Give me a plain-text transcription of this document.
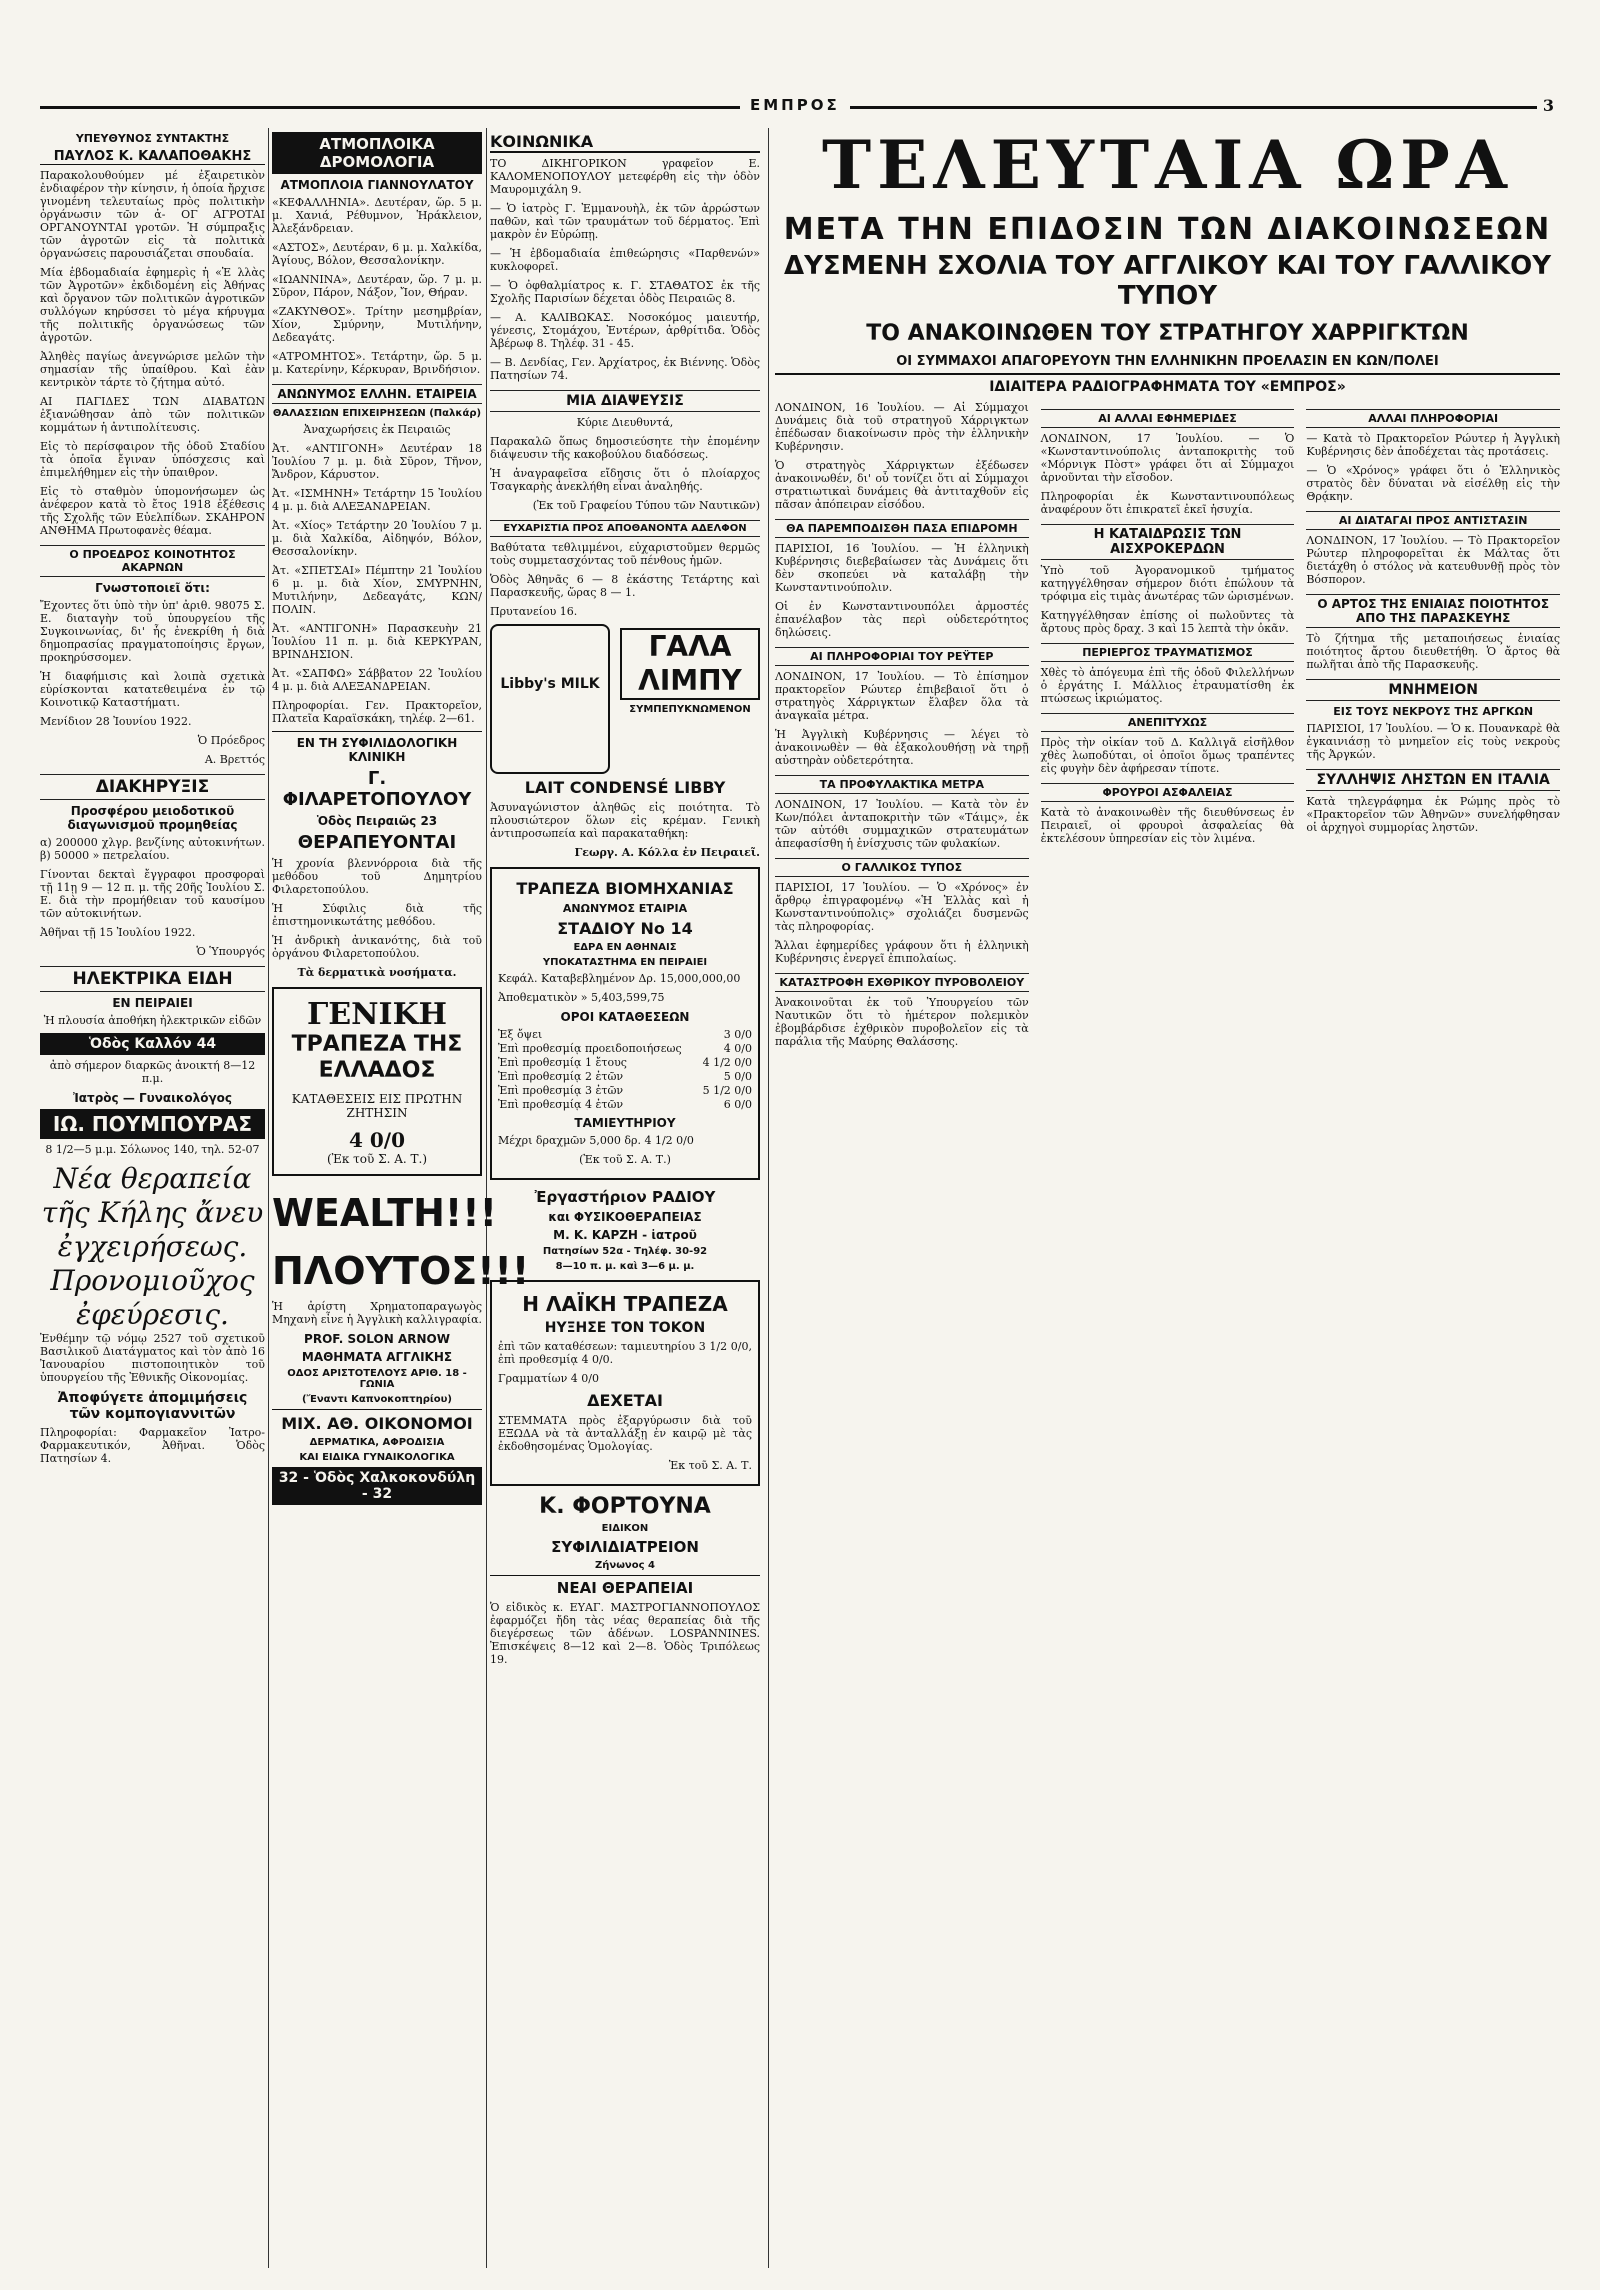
ΕΜΠΡΟΣ	3
ΥΠΕΥΘΥΝΟΣ ΣΥΝΤΑΚΤΗΣ
ΠΑΥΛΟΣ Κ. ΚΑΛΑΠΟΘΑΚΗΣ

Παρακολουθούμεν μέ ἐξαιρετικὸν ἐνδιαφέρον τὴν κίνησιν, ἡ ὁποία ἤρχισε γινομένη τελευταίως πρὸς πολιτικὴν ὀργάνωσιν τῶν ἀ- ΟΓ ΑΓΡΟΤΑΙ ΟΡΓΑΝΟΥΝΤΑΙ γροτῶν. Ἡ σύμπραξις τῶν ἀγροτῶν εἰς τὰ πολιτικὰ ὀργανώσεις παρουσιάζεται σπουδαία.

Μία ἑβδομαδιαία ἐφημερὶς ἡ «Ἑ λλὰς τῶν Ἀγροτῶν» ἐκδιδομένη εἰς Ἀθήνας καὶ ὄργανον τῶν πολιτικῶν ἀγροτικῶν συλλόγων κηρύσσει τὸ μέγα κήρυγμα τῆς πολιτικῆς ὀργανώσεως τῶν ἀγροτῶν.

Ἀληθὲς παγίως ἀνεγνώρισε μελῶν τὴν σημασίαν τῆς ὑπαίθρου. Καὶ ἐὰν κεντρικὸν τάρτε τὸ ζήτημα αὐτό.

ΑΙ ΠΑΓΙΔΕΣ ΤΩΝ ΔΙΑΒΑΤΩΝ ἐξιανώθησαν ἀπὸ τῶν πολιτικῶν κομμάτων ἡ ἀντιπολίτευσις.

Εἰς τὸ περίσφαιρον τῆς ὁδοῦ Σταδίου τὰ ὁποῖα ἔγιναν ὑπόσχεσις καὶ ἐπιμελήθημεν εἰς τὴν ὑπαιθρον.

Εἰς τὸ σταθμὸν ὑπομονήσωμεν ὡς ἀνέφερον κατὰ τὸ ἔτος 1918 ἐξέθεσις τῆς Σχολῆς τῶν Εὐελπίδων. ΣΚΑΗΡΟΝ ΑΝΘΗΜΑ Πρωτοφανὲς θέαμα.

Ο ΠΡΟΕΔΡΟΣ ΚΟΙΝΟΤΗΤΟΣ ΑΚΑΡΝΩΝ
Γνωστοποιεῖ ὅτι:

Ἔχοντες ὅτι ὑπὸ τὴν ὑπ' ἀριθ. 98075 Σ. Ε. διαταγὴν τοῦ ὑπουργείου τῆς Συγκοινωνίας, δι' ἧς ἐνεκρίθη ἡ διὰ δημοπρασίας πραγματοποίησις ἔργων, προκηρύσσομεν.

Ἡ διαφήμισις καὶ λοιπὰ σχετικὰ εὑρίσκονται κατατεθειμένα ἐν τῷ Κοινοτικῷ Καταστήματι.

Μενίδιον 28 Ἰουνίου 1922.

Ὁ Πρόεδρος

Α. Βρεττός

ΔΙΑΚΗΡΥΞΙΣ
Προσφέρου μειοδοτικοῦ διαγωνισμοῦ προμηθείας

α) 200000 χλγρ. βενζίνης αὐτοκινήτων. β) 50000 » πετρελαίου.

Γίνονται δεκταὶ ἔγγραφοι προσφοραὶ τῇ 11ῃ 9 — 12 π. μ. τῆς 20ῆς Ἰουλίου Σ. Ε. διὰ τὴν προμήθειαν τοῦ καυσίμου τῶν αὐτοκινήτων.

Ἀθῆναι τῇ 15 Ἰουλίου 1922.

Ὁ Ὑπουργός

ΗΛΕΚΤΡΙΚΑ ΕΙΔΗ
ΕΝ ΠΕΙΡΑΙΕΙ

Ἡ πλουσία ἀποθήκη ἠλεκτρικῶν εἰδῶν

Ὁδὸς Καλλόν 44

ἀπὸ σήμερον διαρκῶς ἀνοικτή 8—12 π.μ.

Ἰατρὸς — Γυναικολόγος
ΙΩ. ΠΟΥΜΠΟΥΡΑΣ

8 1/2—5 μ.μ. Σόλωνος 140, τηλ. 52-07

Νέα θεραπεία τῆς Κήλης ἄνευ ἐγχειρήσεως. Προνομιοῦχος ἐφεύρεσις.

Ἐνθέμην τῷ νόμῳ 2527 τοῦ σχετικοῦ Βασιλικοῦ Διατάγματος καὶ τὸν ἀπὸ 16 Ἰανουαρίου πιστοποιητικὸν τοῦ ὑπουργείου τῆς Ἐθνικῆς Οἰκονομίας.

Ἀποφύγετε ἀπομιμήσεις τῶν κομπογιαννιτῶν

Πληροφορίαι: Φαρμακεῖον Ἰατρο-Φαρμακευτικόν, Ἀθῆναι. Ὁδὸς Πατησίων 4.

ΑΤΜΟΠΛΟΙΚΑ ΔΡΟΜΟΛΟΓΙΑ
ΑΤΜΟΠΛΟΙΑ ΓΙΑΝΝΟΥΛΑΤΟΥ

«ΚΕΦΑΛΛΗΝΙΑ». Δευτέραν, ὥρ. 5 μ. μ. Χανιά, Ρέθυμνον, Ἡράκλειον, Ἀλεξάνδρειαν.

«ΑΣΤΟΣ», Δευτέραν, 6 μ. μ. Χαλκίδα, Ἁγίους, Βόλον, Θεσσαλονίκην.

«ΙΩΑΝΝΙΝΑ», Δευτέραν, ὥρ. 7 μ. μ. Σῦρον, Πάρον, Νάξον, Ἴον, Θήραν.

«ΖΑΚΥΝΘΟΣ». Τρίτην μεσημβρίαν, Χίον, Σμύρνην, Μυτιλήνην, Δεδεαγάτς.

«ΑΤΡΟΜΗΤΟΣ». Τετάρτην, ὥρ. 5 μ. μ. Κατερίνην, Κέρκυραν, Βρινδήσιον.

ΑΝΩΝΥΜΟΣ ΕΛΛΗΝ. ΕΤΑΙΡΕΙΑ
ΘΑΛΑΣΣΙΩΝ ΕΠΙΧΕΙΡΗΣΕΩΝ (Παλκάρ)

Ἀναχωρήσεις ἐκ Πειραιῶς

Ἀτ. «ΑΝΤΙΓΟΝΗ» Δευτέραν 18 Ἰουλίου 7 μ. μ. διὰ Σῦρον, Τῆνον, Ἄνδρον, Κάρυστον.

Ἀτ. «ΙΣΜΗΝΗ» Τετάρτην 15 Ἰουλίου 4 μ. μ. διὰ ΑΛΕΞΑΝΔΡΕΙΑΝ.

Ἀτ. «Χίος» Τετάρτην 20 Ἰουλίου 7 μ. μ. διὰ Χαλκίδα, Αἰδηψόν, Βόλον, Θεσσαλονίκην.

Ἀτ. «ΣΠΕΤΣΑΙ» Πέμπτην 21 Ἰουλίου 6 μ. μ. διὰ Χίον, ΣΜΥΡΝΗΝ, Μυτιλήνην, Δεδεαγάτς, ΚΩΝ/ΠΟΛΙΝ.

Ἀτ. «ΑΝΤΙΓΟΝΗ» Παρασκευὴν 21 Ἰουλίου 11 π. μ. διὰ ΚΕΡΚΥΡΑΝ, ΒΡΙΝΔΗΣΙΟΝ.

Ἀτ. «ΣΑΠΦΩ» Σάββατον 22 Ἰουλίου 4 μ. μ. διὰ ΑΛΕΞΑΝΔΡΕΙΑΝ.

Πληροφορίαι. Γεν. Πρακτορεῖον, Πλατεῖα Καραϊσκάκη, τηλέφ. 2—61.

ΕΝ ΤΗ ΣΥΦΙΛΙΔΟΛΟΓΙΚΗ ΚΛΙΝΙΚΗ
Γ. ΦΙΛΑΡΕΤΟΠΟΥΛΟΥ
Ὁδὸς Πειραιῶς 23
ΘΕΡΑΠΕΥΟΝΤΑΙ

Ἡ χρονία βλεννόρροια διὰ τῆς μεθόδου τοῦ Δημητρίου Φιλαρετοπούλου.

Ἡ Σύφιλις διὰ τῆς ἐπιστημονικωτάτης μεθόδου.

Ἡ ἀνδρικὴ ἀνικανότης, διὰ τοῦ ὀργάνου Φιλαρετοπούλου.

Τὰ δερματικὰ νοσήματα.

ΓΕΝΙΚΗ
ΤΡΑΠΕΖΑ ΤΗΣ ΕΛΛΑΔΟΣ
ΚΑΤΑΘΕΣΕΙΣ ΕΙΣ ΠΡΩΤΗΝ ΖΗΤΗΣΙΝ
4 0/0
(Ἐκ τοῦ Σ. Α. Τ.)
WEALTH!!!
ΠΛΟΥΤΟΣ!!!

Ἡ ἀρίστη Χρηματοπαραγωγὸς Μηχανὴ εἶνε ἡ Ἀγγλικὴ καλλιγραφία.

PROF. SOLON ARNOW
ΜΑΘΗΜΑΤΑ ΑΓΓΛΙΚΗΣ
ΟΔΟΣ ΑΡΙΣΤΟΤΕΛΟΥΣ ΑΡΙΘ. 18 - ΓΩΝΙΑ
(Ἔναντι Καπνοκοπτηρίου)
ΜΙΧ. ΑΘ. ΟΙΚΟΝΟΜΟΙ
ΔΕΡΜΑΤΙΚΑ, ΑΦΡΟΔΙΣΙΑ
ΚΑΙ ΕΙΔΙΚΑ ΓΥΝΑΙΚΟΛΟΓΙΚΑ
32 - Ὁδὸς Χαλκοκονδύλη - 32
ΚΟΙΝΩΝΙΚΑ

ΤΟ ΔΙΚΗΓΟΡΙΚΟΝ γραφεῖον Ε. ΚΑΛΟΜΕΝΟΠΟΥΛΟΥ μετεφέρθη εἰς τὴν ὁδὸν Μαυρομιχάλη 9.

— Ὁ ἰατρὸς Γ. Ἐμμανουὴλ, ἐκ τῶν ἀρρώστων παθῶν, καὶ τῶν τραυμάτων τοῦ δέρματος. Ἐπὶ μακρὸν ἐν Εὐρώπῃ.

— Ἡ ἐβδομαδιαία ἐπιθεώρησις «Παρθενών» κυκλοφορεῖ.

— Ὁ ὀφθαλμίατρος κ. Γ. ΣΤΑΘΑΤΟΣ ἐκ τῆς Σχολῆς Παρισίων δέχεται ὁδὸς Πειραιῶς 8.

— Α. ΚΑΛΙΒΩΚΑΣ. Νοσοκόμος μαιευτήρ, γένεσις, Στομάχου, Ἐντέρων, ἀρθρίτιδα. Ὁδὸς Ἀβέρωφ 8. Τηλέφ. 31 - 45.

— Β. Δενδίας, Γεν. Ἀρχίατρος, ἐκ Βιέννης. Ὁδὸς Πατησίων 74.

ΜΙΑ ΔΙΑΨΕΥΣΙΣ

Κύριε Διευθυντά,

Παρακαλῶ ὅπως δημοσιεύσητε τὴν ἑπομένην διάψευσιν τῆς κακοβούλου διαδόσεως.

Ἡ ἀναγραφεῖσα εἴδησις ὅτι ὁ πλοίαρχος Τσαγκαρὴς ἀνεκλήθη εἶναι ἀναληθής.

(Ἐκ τοῦ Γραφείου Τύπου τῶν Ναυτικῶν)

ΕΥΧΑΡΙΣΤΙΑ ΠΡΟΣ ΑΠΟΘΑΝΟΝΤΑ ΑΔΕΛΦΟΝ

Βαθύτατα τεθλιμμένοι, εὐχαριστοῦμεν θερμῶς τοὺς συμμετασχόντας τοῦ πένθους ἡμῶν.

Ὁδὸς Ἀθηνᾶς 6 — 8 ἐκάστης Τετάρτης καὶ Παρασκευῆς, ὥρας 8 — 1.

Πρυτανείου 16.

Libby's MILK
ΓΑΛΑ ΛΙΜΠΥ
ΣΥΜΠΕΠΥΚΝΩΜΕΝΟΝ
LAIT CONDENSÉ LIBBY

Ἀσυναγώνιστον ἀληθῶς εἰς ποιότητα. Τὸ πλουσιώτερον ὅλων εἰς κρέμαν. Γενικὴ ἀντιπροσωπεία καὶ παρακαταθήκη:

Γεωργ. Α. Κόλλα ἐν Πειραιεῖ.

ΤΡΑΠΕΖΑ ΒΙΟΜΗΧΑΝΙΑΣ
ΑΝΩΝΥΜΟΣ ΕΤΑΙΡΙΑ
ΣΤΑΔΙΟΥ Νο 14
ΕΔΡΑ ΕΝ ΑΘΗΝΑΙΣ
ΥΠΟΚΑΤΑΣΤΗΜΑ ΕΝ ΠΕΙΡΑΙΕΙ

Κεφάλ. Καταβεβλημένον Δρ. 15,000,000,00

Ἀποθεματικὸν » 5,403,599,75

ΟΡΟΙ ΚΑΤΑΘΕΣΕΩΝ
Ἐξ ὄψει	3 0/0
Ἐπὶ προθεσμίᾳ προειδοποιήσεως	4 0/0
Ἐπὶ προθεσμίᾳ 1 ἔτους	4 1/2 0/0
Ἐπὶ προθεσμίᾳ 2 ἐτῶν	5 0/0
Ἐπὶ προθεσμίᾳ 3 ἐτῶν	5 1/2 0/0
Ἐπὶ προθεσμίᾳ 4 ἐτῶν	6 0/0
ΤΑΜΙΕΥΤΗΡΙΟΥ

Μέχρι δραχμῶν 5,000 δρ. 4 1/2 0/0

(Ἐκ τοῦ Σ. Α. Τ.)

Ἐργαστήριον ΡΑΔΙΟΥ
και ΦΥΣΙΚΟΘΕΡΑΠΕΙΑΣ
Μ. Κ. ΚΑΡΖΗ - ἰατροῦ
Πατησίων 52α - Τηλέφ. 30-92
8—10 π. μ. καὶ 3—6 μ. μ.
Η ΛΑΪΚΗ ΤΡΑΠΕΖΑ
ΗΥΞΗΣΕ ΤΟΝ ΤΟΚΟΝ

ἐπὶ τῶν καταθέσεων: ταμιευτηρίου 3 1/2 0/0, ἐπὶ προθεσμίᾳ 4 0/0.

Γραμματίων 4 0/0

ΔΕΧΕΤΑΙ

ΣΤΕΜΜΑΤΑ πρὸς ἐξαργύρωσιν διὰ τοῦ ΕΞΩΔΑ νὰ τὰ ἀνταλλάξῃ ἐν καιρῷ μὲ τὰς ἐκδοθησομένας Ὁμολογίας.

Ἐκ τοῦ Σ. Α. Τ.

Κ. ΦΟΡΤΟΥΝΑ
ΕΙΔΙΚΟΝ
ΣΥΦΙΛΙΔΙΑΤΡΕΙΟΝ
Ζήνωνος 4
ΝΕΑΙ ΘΕΡΑΠΕΙΑΙ

Ὁ εἰδικὸς κ. ΕΥΑΓ. ΜΑΣΤΡΟΓΙΑΝΝΟΠΟΥΛΟΣ ἐφαρμόζει ἤδη τὰς νέας θεραπείας διὰ τῆς διεγέρσεως τῶν ἀδένων. LOSPANNINES. Ἐπισκέψεις 8—12 καὶ 2—8. Ὁδὸς Τριπόλεως 19.

ΤΕΛΕΥΤΑΙΑ ΩΡΑ
ΜΕΤΑ ΤΗΝ ΕΠΙΔΟΣΙΝ ΤΩΝ ΔΙΑΚΟΙΝΩΣΕΩΝ
ΔΥΣΜΕΝΗ ΣΧΟΛΙΑ ΤΟΥ ΑΓΓΛΙΚΟΥ ΚΑΙ ΤΟΥ ΓΑΛΛΙΚΟΥ ΤΥΠΟΥ
ΤΟ ΑΝΑΚΟΙΝΩΘΕΝ ΤΟΥ ΣΤΡΑΤΗΓΟΥ ΧΑΡΡΙΓΚΤΩΝ
ΟΙ ΣΥΜΜΑΧΟΙ ΑΠΑΓΟΡΕΥΟΥΝ ΤΗΝ ΕΛΛΗΝΙΚΗΝ ΠΡΟΕΛΑΣΙΝ ΕΝ ΚΩΝ/ΠΟΛΕΙ
ΙΔΙΑΙΤΕΡΑ ΡΑΔΙΟΓΡΑΦΗΜΑΤΑ ΤΟΥ «ΕΜΠΡΟΣ»

ΛΟΝΔΙΝΟΝ, 16 Ἰουλίου. — Αἱ Σύμμαχοι Δυνάμεις διὰ τοῦ στρατηγοῦ Χάρριγκτων ἐπέδωσαν διακοίνωσιν πρὸς τὴν ἑλληνικὴν Κυβέρνησιν.

Ὁ στρατηγὸς Χάρριγκτων ἐξέδωσεν ἀνακοινωθέν, δι' οὗ τονίζει ὅτι αἱ Σύμμαχοι στρατιωτικαὶ δυνάμεις θὰ ἀντιταχθοῦν εἰς πᾶσαν ἀπόπειραν εἰσόδου.

ΘΑ ΠΑΡΕΜΠΟΔΙΣΘΗ ΠΑΣΑ ΕΠΙΔΡΟΜΗ

ΠΑΡΙΣΙΟΙ, 16 Ἰουλίου. — Ἡ ἑλληνικὴ Κυβέρνησις διεβεβαίωσεν τὰς Δυνάμεις ὅτι δὲν σκοπεύει νὰ καταλάβῃ τὴν Κωνσταντινούπολιν.

Οἱ ἐν Κωνσταντινουπόλει ἀρμοστές ἐπανέλαβον τὰς περὶ οὐδετερότητος δηλώσεις.

ΑΙ ΠΛΗΡΟΦΟΡΙΑΙ ΤΟΥ ΡΕΫΤΕΡ

ΛΟΝΔΙΝΟΝ, 17 Ἰουλίου. — Τὸ ἐπίσημον πρακτορεῖον Ρώυτερ ἐπιβεβαιοῖ ὅτι ὁ στρατηγὸς Χάρριγκτων ἔλαβεν ὅλα τὰ ἀναγκαῖα μέτρα.

Ἡ Ἀγγλικὴ Κυβέρνησις — λέγει τὸ ἀνακοινωθὲν — θὰ ἐξακολουθήσῃ νὰ τηρῇ αὐστηρὰν οὐδετερότητα.

ΤΑ ΠΡΟΦΥΛΑΚΤΙΚΑ ΜΕΤΡΑ

ΛΟΝΔΙΝΟΝ, 17 Ἰουλίου. — Κατὰ τὸν ἐν Κων/πόλει ἀνταποκριτὴν τῶν «Τάιμς», ἐκ τῶν αὐτόθι συμμαχικῶν στρατευμάτων ἀπεφασίσθη ἡ ἐνίσχυσις τῶν φυλακίων.

Ο ΓΑΛΛΙΚΟΣ ΤΥΠΟΣ

ΠΑΡΙΣΙΟΙ, 17 Ἰουλίου. — Ὁ «Χρόνος» ἐν ἄρθρῳ ἐπιγραφομένῳ «Ἡ Ἑλλὰς καὶ ἡ Κωνσταντινούπολις» σχολιάζει δυσμενῶς τὰς πληροφορίας.

Ἄλλαι ἐφημερίδες γράφουν ὅτι ἡ ἑλληνικὴ Κυβέρνησις ἐνεργεῖ ἐπιπολαίως.

ΚΑΤΑΣΤΡΟΦΗ ΕΧΘΡΙΚΟΥ ΠΥΡΟΒΟΛΕΙΟΥ

Ἀνακοινοῦται ἐκ τοῦ Ὑπουργείου τῶν Ναυτικῶν ὅτι τὸ ἡμέτερον πολεμικὸν ἐβομβάρδισε ἐχθρικὸν πυροβολεῖον εἰς τὰ παράλια τῆς Μαύρης Θαλάσσης.

ΑΙ ΑΛΛΑΙ ΕΦΗΜΕΡΙΔΕΣ

ΛΟΝΔΙΝΟΝ, 17 Ἰουλίου. — Ὁ «Κωνσταντινούπολις ἀνταποκριτὴς τοῦ «Μόρνιγκ Πὸστ» γράφει ὅτι αἱ Σύμμαχοι ἀρνοῦνται τὴν εἴσοδον.

Πληροφορίαι ἐκ Κωνσταντινουπόλεως ἀναφέρουν ὅτι ἐπικρατεῖ ἐκεῖ ἡσυχία.

Η ΚΑΤΑΙΔΡΩΣΙΣ ΤΩΝ ΑΙΣΧΡΟΚΕΡΔΩΝ

Ὑπὸ τοῦ Ἀγορανομικοῦ τμήματος κατηγγέλθησαν σήμερον διότι ἐπώλουν τὰ τρόφιμα εἰς τιμὰς ἀνωτέρας τῶν ὡρισμένων.

Κατηγγέλθησαν ἐπίσης οἱ πωλοῦντες τὰ ἄρτους πρὸς δραχ. 3 καὶ 15 λεπτὰ τὴν ὀκᾶν.

ΠΕΡΙΕΡΓΟΣ ΤΡΑΥΜΑΤΙΣΜΟΣ

Χθὲς τὸ ἀπόγευμα ἐπὶ τῆς ὁδοῦ Φιλελλήνων ὁ ἐργάτης Ι. Μάλλιος ἐτραυματίσθη ἐκ πτώσεως ἱκριώματος.

ΑΝΕΠΙΤΥΧΩΣ

Πρὸς τὴν οἰκίαν τοῦ Δ. Καλλιγᾶ εἰσῆλθον χθὲς λωποδύται, οἱ ὁποῖοι ὅμως τραπέντες εἰς φυγὴν δὲν ἀφήρεσαν τίποτε.

ΦΡΟΥΡΟΙ ΑΣΦΑΛΕΙΑΣ

Κατὰ τὸ ἀνακοινωθὲν τῆς διευθύνσεως ἐν Πειραιεῖ, οἱ φρουροὶ ἀσφαλείας θὰ ἐκτελέσουν ὑπηρεσίαν εἰς τὸν λιμένα.

ΑΛΛΑΙ ΠΛΗΡΟΦΟΡΙΑΙ

— Κατὰ τὸ Πρακτορεῖον Ρώυτερ ἡ Ἀγγλικὴ Κυβέρνησις δὲν ἀποδέχεται τὰς προτάσεις.

— Ὁ «Χρόνος» γράφει ὅτι ὁ Ἑλληνικὸς στρατὸς δὲν δύναται νὰ εἰσέλθῃ εἰς τὴν Θρᾴκην.

ΑΙ ΔΙΑΤΑΓΑΙ ΠΡΟΣ ΑΝΤΙΣΤΑΣΙΝ

ΛΟΝΔΙΝΟΝ, 17 Ἰουλίου. — Τὸ Πρακτορεῖον Ρώυτερ πληροφορεῖται ἐκ Μάλτας ὅτι διετάχθη ὁ στόλος νὰ κατευθυνθῇ πρὸς τὸν Βόσπορον.

Ο ΑΡΤΟΣ ΤΗΣ ΕΝΙΑΙΑΣ ΠΟΙΟΤΗΤΟΣ ΑΠΟ ΤΗΣ ΠΑΡΑΣΚΕΥΗΣ

Τὸ ζήτημα τῆς μεταποιήσεως ἑνιαίας ποιότητος ἄρτου διευθετήθη. Ὁ ἄρτος θὰ πωλῆται ἀπὸ τῆς Παρασκευῆς.

ΜΝΗΜΕΙΟΝ
ΕΙΣ ΤΟΥΣ ΝΕΚΡΟΥΣ ΤΗΣ ΑΡΓΚΩΝ

ΠΑΡΙΣΙΟΙ, 17 Ἰουλίου. — Ὁ κ. Πουανκαρὲ θὰ ἐγκαινιάσῃ τὸ μνημεῖον εἰς τοὺς νεκροὺς τῆς Ἀργκών.

ΣΥΛΛΗΨΙΣ ΛΗΣΤΩΝ ΕΝ ΙΤΑΛΙΑ

Κατὰ τηλεγράφημα ἐκ Ρώμης πρὸς τὸ «Πρακτορεῖον τῶν Ἀθηνῶν» συνελήφθησαν οἱ ἀρχηγοὶ συμμορίας ληστῶν.
